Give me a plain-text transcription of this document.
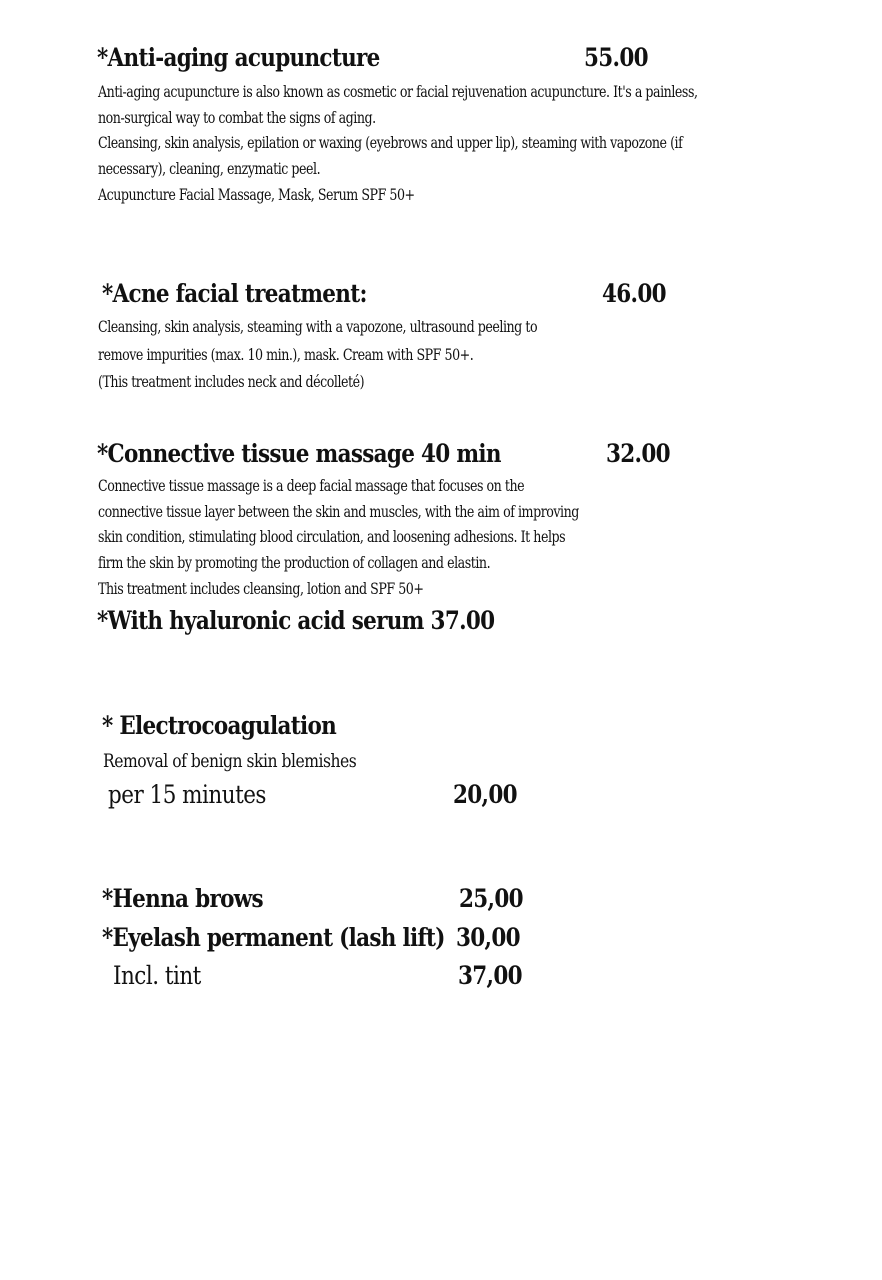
*Anti-aging acupuncture	55.00
Anti-aging acupuncture is also known as cosmetic or facial rejuvenation acupuncture. It's a painless,
non-surgical way to combat the signs of aging.
Cleansing, skin analysis, epilation or waxing (eyebrows and upper lip), steaming with vapozone (if
necessary), cleaning, enzymatic peel.
Acupuncture Facial Massage, Mask, Serum SPF 50+
*Acne facial treatment:	46.00
Cleansing, skin analysis, steaming with a vapozone, ultrasound peeling to
remove impurities (max. 10 min.), mask. Cream with SPF 50+.
(This treatment includes neck and décolleté)
*Connective tissue massage 40 min	32.00
Connective tissue massage is a deep facial massage that focuses on the
connective tissue layer between the skin and muscles, with the aim of improving
skin condition, stimulating blood circulation, and loosening adhesions. It helps
firm the skin by promoting the production of collagen and elastin.
This treatment includes cleansing, lotion and SPF 50+
*With hyaluronic acid serum 37.00
* Electrocoagulation
Removal of benign skin blemishes
per 15 minutes	20,00
*Henna brows	25,00
*Eyelash permanent (lash lift) 30,00
Incl. tint	37,00
